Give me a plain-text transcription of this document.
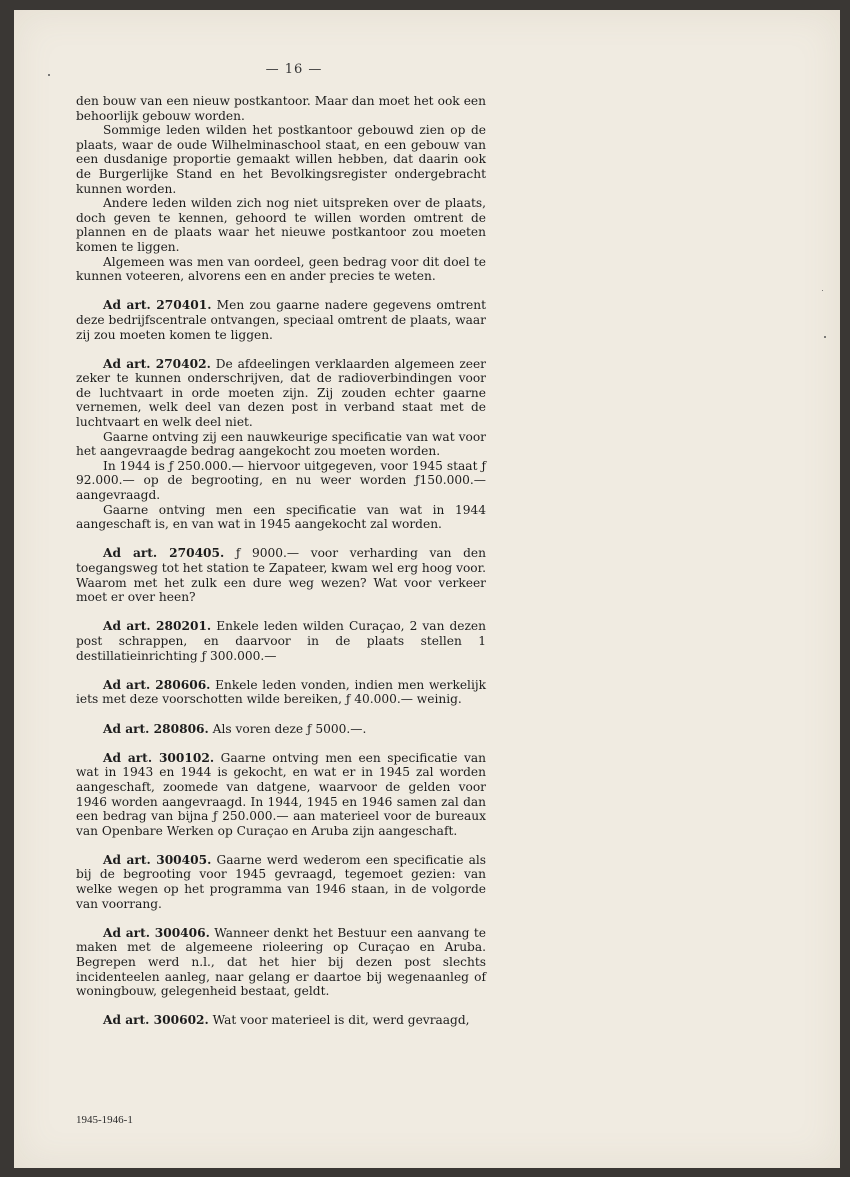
— 16 —

den bouw van een nieuw postkantoor. Maar dan moet het ook een behoorlijk gebouw worden.

Sommige leden wilden het postkantoor gebouwd zien op de plaats, waar de oude Wilhelminaschool staat, en een gebouw van een dusdanige proportie gemaakt willen hebben, dat daarin ook de Burgerlijke Stand en het Bevolkingsregister ondergebracht kunnen worden.

Andere leden wilden zich nog niet uitspreken over de plaats, doch geven te kennen, gehoord te willen worden omtrent de plannen en de plaats waar het nieuwe postkantoor zou moeten komen te liggen.

Algemeen was men van oordeel, geen bedrag voor dit doel te kunnen voteeren, alvorens een en ander precies te weten.

Ad art. 270401. Men zou gaarne nadere gegevens omtrent deze bedrijfscentrale ontvangen, speciaal omtrent de plaats, waar zij zou moeten komen te liggen.

Ad art. 270402. De afdeelingen verklaarden algemeen zeer zeker te kunnen onderschrijven, dat de radioverbindingen voor de luchtvaart in orde moeten zijn. Zij zouden echter gaarne vernemen, welk deel van dezen post in verband staat met de luchtvaart en welk deel niet.

Gaarne ontving zij een nauwkeurige specificatie van wat voor het aangevraagde bedrag aangekocht zou moeten worden.

In 1944 is ƒ 250.000.— hiervoor uitgegeven, voor 1945 staat ƒ 92.000.— op de begrooting, en nu weer worden ƒ150.000.— aangevraagd.

Gaarne ontving men een specificatie van wat in 1944 aangeschaft is, en van wat in 1945 aangekocht zal worden.

Ad art. 270405. ƒ 9000.— voor verharding van den toegangsweg tot het station te Zapateer, kwam wel erg hoog voor. Waarom met het zulk een dure weg wezen? Wat voor verkeer moet er over heen?

Ad art. 280201. Enkele leden wilden Curaçao, 2 van dezen post schrappen, en daarvoor in de plaats stellen 1 destillatieinrichting ƒ 300.000.—

Ad art. 280606. Enkele leden vonden, indien men werkelijk iets met deze voorschotten wilde bereiken, ƒ 40.000.— weinig.

Ad art. 280806. Als voren deze ƒ 5000.—.

Ad art. 300102. Gaarne ontving men een specificatie van wat in 1943 en 1944 is gekocht, en wat er in 1945 zal worden aangeschaft, zoomede van datgene, waarvoor de gelden voor 1946 worden aangevraagd. In 1944, 1945 en 1946 samen zal dan een bedrag van bijna ƒ 250.000.— aan materieel voor de bureaux van Openbare Werken op Curaçao en Aruba zijn aangeschaft.

Ad art. 300405. Gaarne werd wederom een specificatie als bij de begrooting voor 1945 gevraagd, tegemoet gezien: van welke wegen op het programma van 1946 staan, in de volgorde van voorrang.

Ad art. 300406. Wanneer denkt het Bestuur een aanvang te maken met de algemeene rioleering op Curaçao en Aruba. Begrepen werd n.l., dat het hier bij dezen post slechts incidenteelen aanleg, naar gelang er daartoe bij wegenaanleg of woningbouw, gelegenheid bestaat, geldt.

Ad art. 300602. Wat voor materieel is dit, werd gevraagd,

1945-1946-1
